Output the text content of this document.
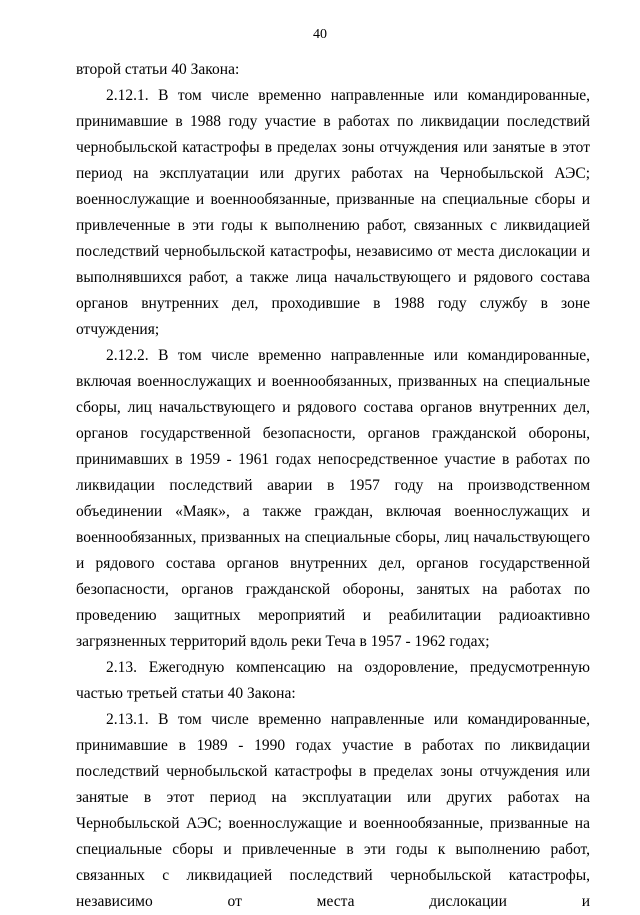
40

второй статьи 40 Закона:

2.12.1. В том числе временно направленные или командированные, принимавшие в 1988 году участие в работах по ликвидации последствий чернобыльской катастрофы в пределах зоны отчуждения или занятые в этот период на эксплуатации или других работах на Чернобыльской АЭС; военнослужащие и военнообязанные, призванные на специальные сборы и привлеченные в эти годы к выполнению работ, связанных с ликвидацией последствий чернобыльской катастрофы, независимо от места дислокации и выполнявшихся работ, а также лица начальствующего и рядового состава органов внутренних дел, проходившие в 1988 году службу в зоне отчуждения;

2.12.2. В том числе временно направленные или командированные, включая военнослужащих и военнообязанных, призванных на специальные сборы, лиц начальствующего и рядового состава органов внутренних дел, органов государственной безопасности, органов гражданской обороны, принимавших в 1959 - 1961 годах непосредственное участие в работах по ликвидации последствий аварии в 1957 году на производственном объединении «Маяк», а также граждан, включая военнослужащих и военнообязанных, призванных на специальные сборы, лиц начальствующего и рядового состава органов внутренних дел, органов государственной безопасности, органов гражданской обороны, занятых на работах по проведению защитных мероприятий и реабилитации радиоактивно загрязненных территорий вдоль реки Теча в 1957 - 1962 годах;

2.13. Ежегодную компенсацию на оздоровление, предусмотренную частью третьей статьи 40 Закона:

2.13.1. В том числе временно направленные или командированные, принимавшие в 1989 - 1990 годах участие в работах по ликвидации последствий чернобыльской катастрофы в пределах зоны отчуждения или занятые в этот период на эксплуатации или других работах на Чернобыльской АЭС; военнослужащие и военнообязанные, призванные на специальные сборы и привлеченные в эти годы к выполнению работ, связанных с ликвидацией последствий чернобыльской катастрофы, независимо от места дислокации и
